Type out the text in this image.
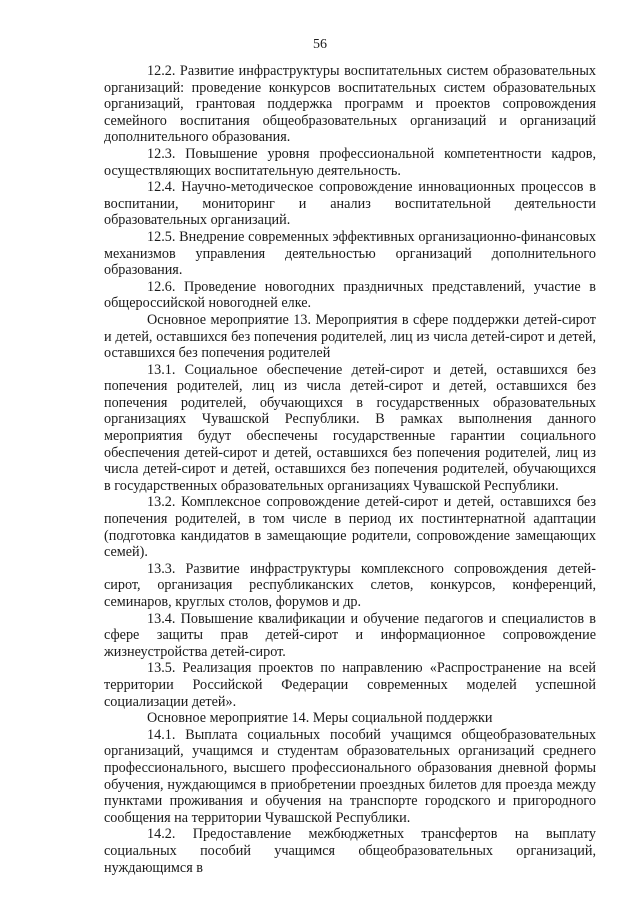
56

12.2. Развитие инфраструктуры воспитательных систем образовательных организаций: проведение конкурсов воспитательных систем образовательных организаций, грантовая поддержка программ и проектов сопровождения семейного воспитания общеобразовательных организаций и организаций дополнительного образования.

12.3. Повышение уровня профессиональной компетентности кадров, осуществляющих воспитательную деятельность.

12.4. Научно-методическое сопровождение инновационных процессов в воспитании, мониторинг и анализ воспитательной деятельности образовательных организаций.

12.5. Внедрение современных эффективных организационно-финансовых механизмов управления деятельностью организаций дополнительного образования.

12.6. Проведение новогодних праздничных представлений, участие в общероссийской новогодней елке.

Основное мероприятие 13. Мероприятия в сфере поддержки детей-сирот и детей, оставшихся без попечения родителей, лиц из числа детей-сирот и детей, оставшихся без попечения родителей

13.1. Социальное обеспечение детей-сирот и детей, оставшихся без попечения родителей, лиц из числа детей-сирот и детей, оставшихся без попечения родителей, обучающихся в государственных образовательных организациях Чувашской Республики. В рамках выполнения данного мероприятия будут обеспечены государственные гарантии социального обеспечения детей-сирот и детей, оставшихся без попечения родителей, лиц из числа детей-сирот и детей, оставшихся без попечения родителей, обучающихся в государственных образовательных организациях Чувашской Республики.

13.2. Комплексное сопровождение детей-сирот и детей, оставшихся без попечения родителей, в том числе в период их постинтернатной адаптации (подготовка кандидатов в замещающие родители, сопровождение замещающих семей).

13.3. Развитие инфраструктуры комплексного сопровождения детей-сирот, организация республиканских слетов, конкурсов, конференций, семинаров, круглых столов, форумов и др.

13.4. Повышение квалификации и обучение педагогов и специалистов в сфере защиты прав детей-сирот и информационное сопровождение жизнеустройства детей-сирот.

13.5. Реализация проектов по направлению «Распространение на всей территории Российской Федерации современных моделей успешной социализации детей».

Основное мероприятие 14. Меры социальной поддержки

14.1. Выплата социальных пособий учащимся общеобразовательных организаций, учащимся и студентам образовательных организаций среднего профессионального, высшего профессионального образования дневной формы обучения, нуждающимся в приобретении проездных билетов для проезда между пунктами проживания и обучения на транспорте городского и пригородного сообщения на территории Чувашской Республики.

14.2. Предоставление межбюджетных трансфертов на выплату социальных пособий учащимся общеобразовательных организаций, нуждающимся в
